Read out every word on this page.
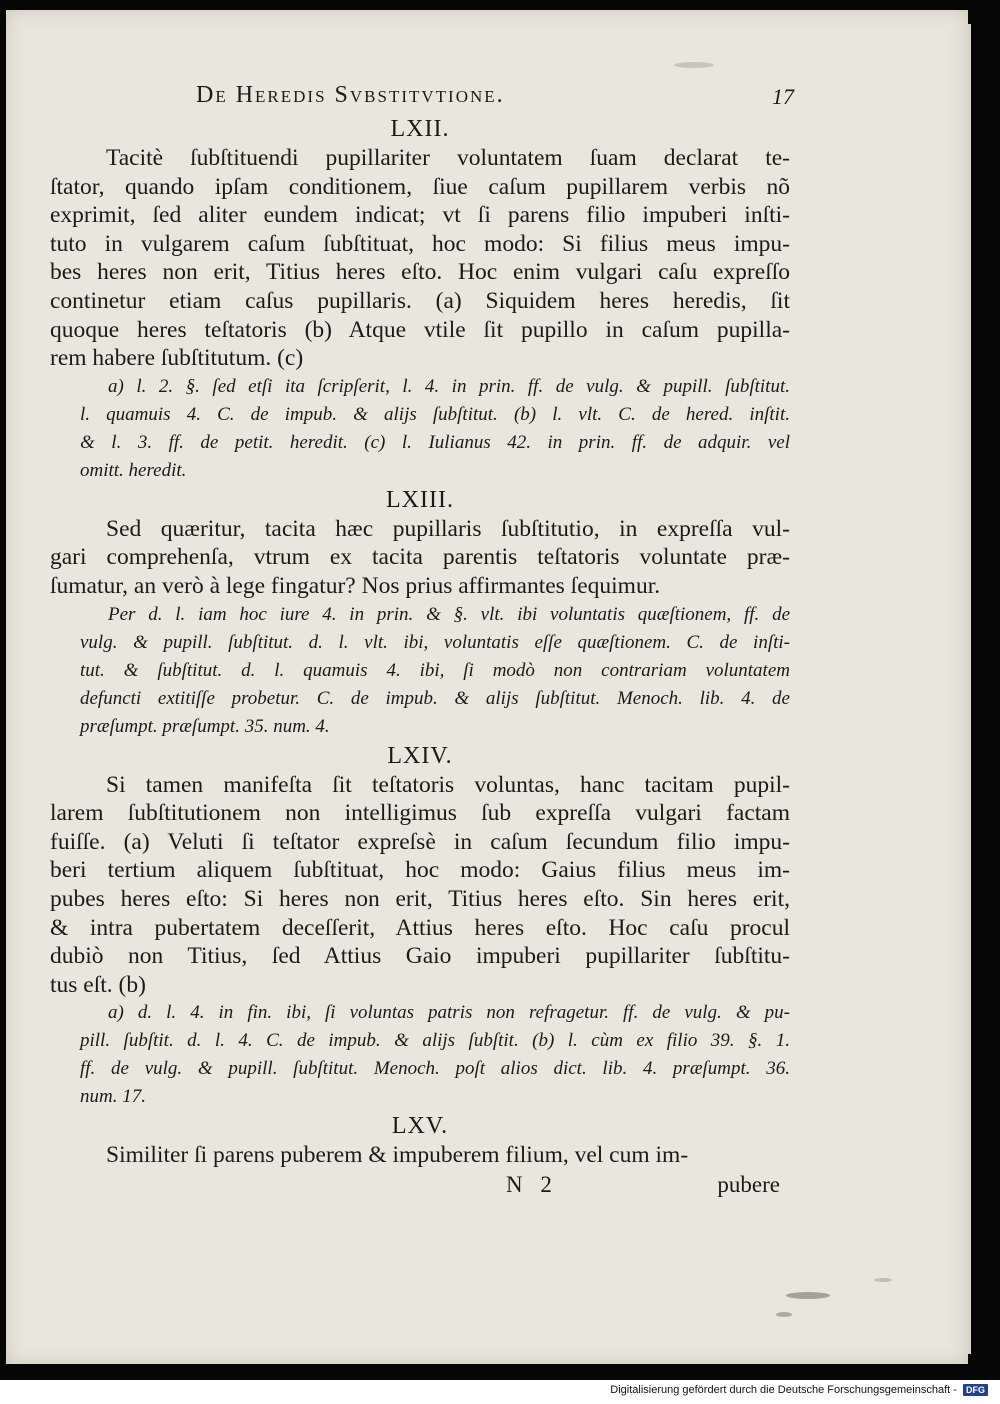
De Heredis Svbstitvtione.	17
LXII.
Tacitè ſubſtituendi pupillariter voluntatem ſuam declarat te-
ſtator, quando ipſam conditionem, ſiue caſum pupillarem verbis nõ
exprimit, ſed aliter eundem indicat; vt ſi parens filio impuberi inſti-
tuto in vulgarem caſum ſubſtituat, hoc modo: Si filius meus impu-
bes heres non erit, Titius heres eſto. Hoc enim vulgari caſu expreſſo
continetur etiam caſus pupillaris. (a) Siquidem heres heredis, ſit
quoque heres teſtatoris (b) Atque vtile ſit pupillo in caſum pupilla-
rem habere ſubſtitutum. (c)
a) l. 2. §. ſed etſi ita ſcripſerit, l. 4. in prin. ff. de vulg. & pupill. ſubſtitut.
l. quamuis 4. C. de impub. & alijs ſubſtitut. (b) l. vlt. C. de hered. inſtit.
& l. 3. ff. de petit. heredit. (c) l. Iulianus 42. in prin. ff. de adquir. vel
omitt. heredit.
LXIII.
Sed quæritur, tacita hæc pupillaris ſubſtitutio, in expreſſa vul-
gari comprehenſa, vtrum ex tacita parentis teſtatoris voluntate præ-
ſumatur, an verò à lege fingatur? Nos prius affirmantes ſequimur.
Per d. l. iam hoc iure 4. in prin. & §. vlt. ibi voluntatis quæſtionem, ff. de
vulg. & pupill. ſubſtitut. d. l. vlt. ibi, voluntatis eſſe quæſtionem. C. de inſti-
tut. & ſubſtitut. d. l. quamuis 4. ibi, ſi modò non contrariam voluntatem
defuncti extitiſſe probetur. C. de impub. & alijs ſubſtitut. Menoch. lib. 4. de
præſumpt. præſumpt. 35. num. 4.
LXIV.
Si tamen manifeſta ſit teſtatoris voluntas, hanc tacitam pupil-
larem ſubſtitutionem non intelligimus ſub expreſſa vulgari factam
fuiſſe. (a) Veluti ſi teſtator expreſsè in caſum ſecundum filio impu-
beri tertium aliquem ſubſtituat, hoc modo: Gaius filius meus im-
pubes heres eſto: Si heres non erit, Titius heres eſto. Sin heres erit,
& intra pubertatem deceſſerit, Attius heres eſto. Hoc caſu procul
dubiò non Titius, ſed Attius Gaio impuberi pupillariter ſubſtitu-
tus eſt. (b)
a) d. l. 4. in fin. ibi, ſi voluntas patris non refragetur. ff. de vulg. & pu-
pill. ſubſtit. d. l. 4. C. de impub. & alijs ſubſtit. (b) l. cùm ex filio 39. §. 1.
ff. de vulg. & pupill. ſubſtitut. Menoch. poſt alios dict. lib. 4. præſumpt. 36.
num. 17.
LXV.
Similiter ſi parens puberem & impuberem filium, vel cum im-
N 2	pubere
Digitalisierung gefördert durch die Deutsche Forschungsgemeinschaft - DFG
